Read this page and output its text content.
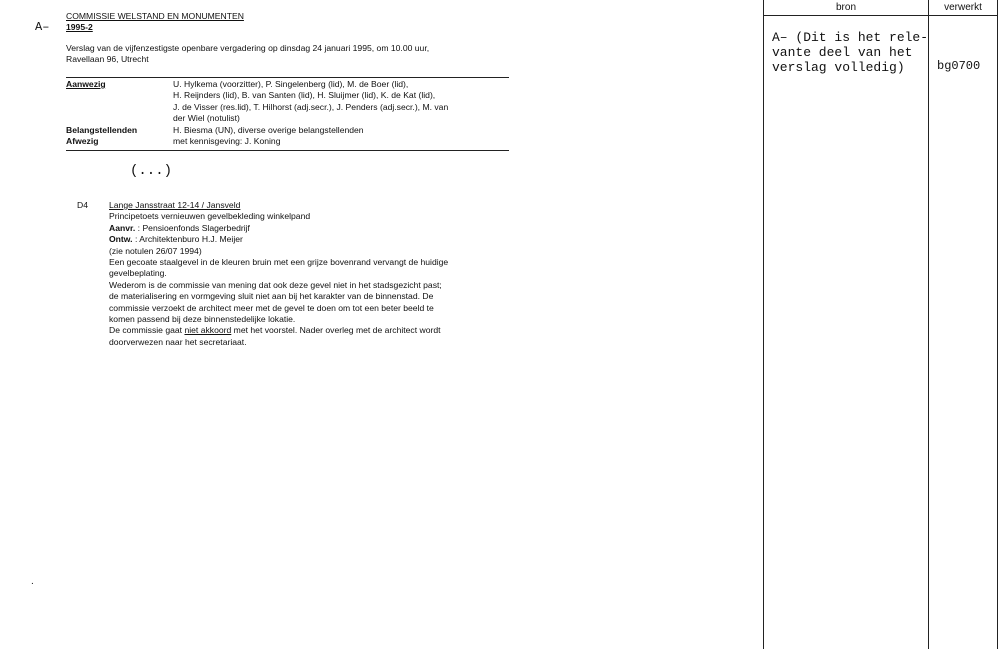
A–
COMMISSIE WELSTAND EN MONUMENTEN
1995-2
Verslag van de vijfenzestigste openbare vergadering op dinsdag 24 januari 1995, om 10.00 uur,
Ravellaan 96, Utrecht
Aanwezig	U. Hylkema (voorzitter), P. Singelenberg (lid), M. de Boer (lid),
H. Reijnders (lid), B. van Santen (lid), H. Sluijmer (lid), K. de Kat (lid),
J. de Visser (res.lid), T. Hilhorst (adj.secr.), J. Penders (adj.secr.), M. van
der Wiel (notulist)
Belangstellenden	H. Biesma (UN), diverse overige belangstellenden
Afwezig	met kennisgeving: J. Koning
(...)
D4 Lange Jansstraat 12-14 / Jansveld
Principetoets vernieuwen gevelbekleding winkelpand
Aanvr. : Pensioenfonds Slagerbedrijf
Ontw. : Architektenburo H.J. Meijer
(zie notulen 26/07 1994)
Een gecoate staalgevel in de kleuren bruin met een grijze bovenrand vervangt de huidige
gevelbeplating.
Wederom is de commissie van mening dat ook deze gevel niet in het stadsgezicht past;
de materialisering en vormgeving sluit niet aan bij het karakter van de binnenstad. De
commissie verzoekt de architect meer met de gevel te doen om tot een beter beeld te
komen passend bij deze binnenstedelijke lokatie.
De commissie gaat niet akkoord met het voorstel. Nader overleg met de architect wordt
doorverwezen naar het secretariaat.
.
bron	verwerkt
A– (Dit is het rele-
vante deel van het
verslag volledig)	bg0700
